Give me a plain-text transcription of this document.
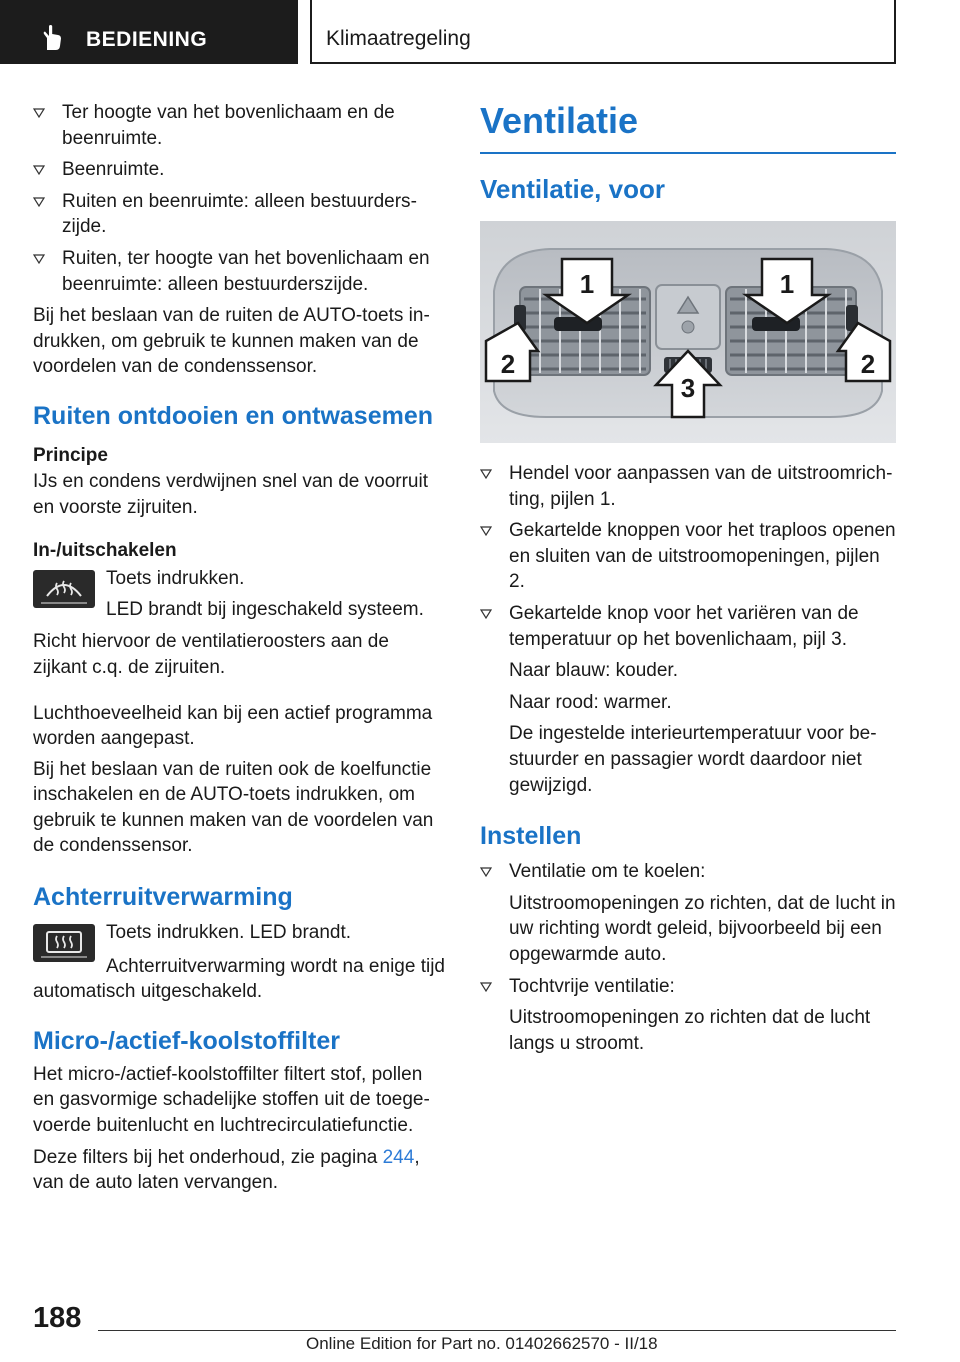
BEDIENING	Klimaatregeling
Ter hoogte van het bovenlichaam en de beenruimte.
Beenruimte.
Ruiten en beenruimte: alleen bestuurderszijde.
Ruiten, ter hoogte van het bovenlichaam en beenruimte: alleen bestuurderszijde.

Bij het beslaan van de ruiten de AUTO-toets indrukken, om gebruik te kunnen maken van de voordelen van de condenssensor.

Ruiten ontdooien en ontwasemen
Principe

IJs en condens verdwijnen snel van de voorruit en voorste zijruiten.

In-/uitschakelen

Toets indrukken.

LED brandt bij ingeschakeld systeem.

Richt hiervoor de ventilatieroosters aan de zijkant c.q. de zijruiten.

Luchthoeveelheid kan bij een actief programma worden aangepast.

Bij het beslaan van de ruiten ook de koelfunctie inschakelen en de AUTO-toets indrukken, om gebruik te kunnen maken van de voordelen van de condenssensor.

Achterruitverwarming

Toets indrukken. LED brandt.

Achterruitverwarming wordt na enige tijd automatisch uitgeschakeld.

Micro-/actief-koolstoffilter

Het micro-/actief-koolstoffilter filtert stof, pollen en gasvormige schadelijke stoffen uit de toegevoerde buitenlucht en luchtrecirculatiefunctie.

Deze filters bij het onderhoud, zie pagina 244,
van de auto laten vervangen.

Ventilatie
Ventilatie, voor
1	1
2	2
3
Hendel voor aanpassen van de uitstroomrichting, pijlen 1.
Gekartelde knoppen voor het traploos openen en sluiten van de uitstroomopeningen, pijlen 2.
Gekartelde knop voor het variëren van de temperatuur op het bovenlichaam, pijl 3.

Naar blauw: kouder.

Naar rood: warmer.

De ingestelde interieurtemperatuur voor bestuurder en passagier wordt daardoor niet gewijzigd.

Instellen
Ventilatie om te koelen:

Uitstroomopeningen zo richten, dat de lucht in uw richting wordt geleid, bijvoorbeeld bij een opgewarmde auto.

Tochtvrije ventilatie:

Uitstroomopeningen zo richten dat de lucht langs u stroomt.

188
Online Edition for Part no. 01402662570 - II/18
